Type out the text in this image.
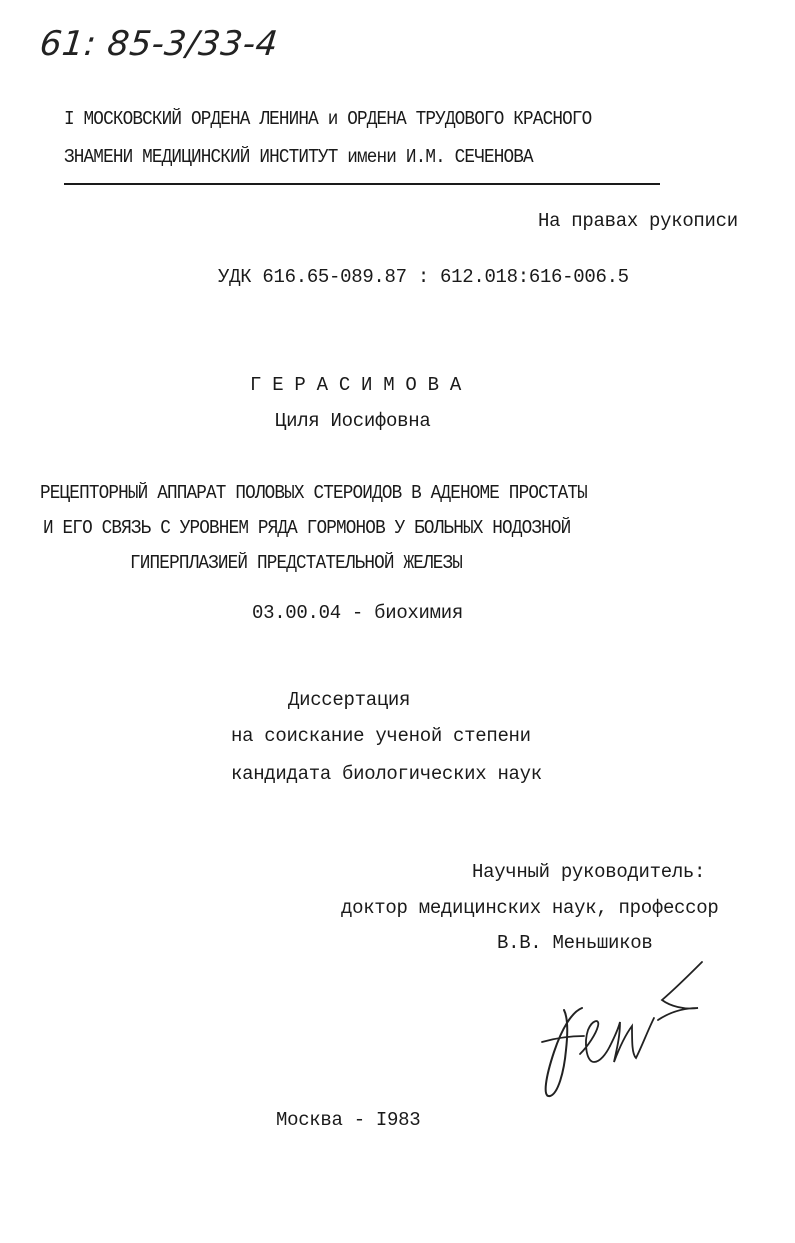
61: 85-3/33-4

I МОСКОВСКИЙ ОРДЕНА ЛЕНИНА и ОРДЕНА ТРУДОВОГО КРАСНОГО

ЗНАМЕНИ МЕДИЦИНСКИЙ ИНСТИТУТ имени И.М. СЕЧЕНОВА

На правах рукописи

УДК 616.65-089.87 : 612.018:616-006.5

Г Е Р А С И М О В А

Циля Иосифовна

РЕЦЕПТОРНЫЙ АППАРАТ ПОЛОВЫХ СТЕРОИДОВ В АДЕНОМЕ ПРОСТАТЫ

И ЕГО СВЯЗЬ С УРОВНЕМ РЯДА ГОРМОНОВ У БОЛЬНЫХ НОДОЗНОЙ

ГИПЕРПЛАЗИЕЙ ПРЕДСТАТЕЛЬНОЙ ЖЕЛЕЗЫ

03.00.04 - биохимия

Диссертация

на соискание ученой степени

кандидата биологических наук

Научный руководитель:

доктор медицинских наук, профессор

В.В. Меньшиков

Москва - I983
